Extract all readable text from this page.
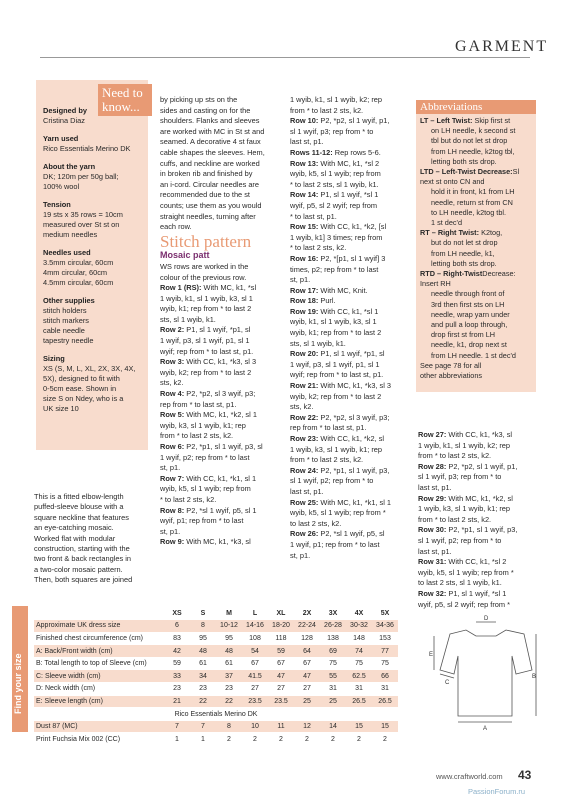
GARMENT
Need to know...
Designed by
Cristina Diaz
Yarn used
Rico Essentials Merino DK
About the yarn
DK; 120m per 50g ball;
100% wool
Tension
19 sts x 35 rows = 10cm
measured over St st on
medium needles
Needles used
3.5mm circular, 60cm
4mm circular, 60cm
4.5mm circular, 60cm
Other supplies
stitch holders
stitch markers
cable needle
tapestry needle
Sizing
XS (S, M, L, XL, 2X, 3X, 4X,
5X), designed to fit with
0-5cm ease. Shown in
size S on Ndey, who is a
UK size 10
This is a fitted elbow-length
puffed-sleeve blouse with a
square neckline that features
an eye-catching mosaic.
Worked flat with modular
construction, starting with the
two front & back rectangles in
a two-color mosaic pattern.
Then, both squares are joined
by picking up sts on the
sides and casting on for the
shoulders. Flanks and sleeves
are worked with MC in St st and
seamed. A decorative 4 st faux
cable shapes the sleeves. Hem,
cuffs, and neckline are worked
in broken rib and finished by
an i-cord. Circular needles are
recommended due to the st
counts; use them as you would
straight needles, turning after
each row.
Stitch pattern
Mosaic patt
WS rows are worked in the
colour of the previous row.
Row 1 (RS): With MC, k1, *sl
1 wyib, k1, sl 1 wyib, k3, sl 1
wyib, k1; rep from * to last 2
sts, sl 1 wyib, k1.
Row 2: P1, sl 1 wyif, *p1, sl
1 wyif, p3, sl 1 wyif, p1, sl 1
wyif; rep from * to last st, p1.
Row 3: With CC, k1, *k3, sl 3
wyib, k2; rep from * to last 2
sts, k2.
Row 4: P2, *p2, sl 3 wyif, p3;
rep from * to last st, p1.
Row 5: With MC, k1, *k2, sl 1
wyib, k3, sl 1 wyib, k1; rep
from * to last 2 sts, k2.
Row 6: P2, *p1, sl 1 wyif, p3, sl
1 wyif, p2; rep from * to last
st, p1.
Row 7: With CC, k1, *k1, sl 1
wyib, k5, sl 1 wyib; rep from
* to last 2 sts, k2.
Row 8: P2, *sl 1 wyif, p5, sl 1
wyif, p1; rep from * to last
st, p1.
Row 9: With MC, k1, *k3, sl
1 wyib, k1, sl 1 wyib, k2; rep
from * to last 2 sts, k2.
Row 10: P2, *p2, sl 1 wyif, p1,
sl 1 wyif, p3; rep from * to
last st, p1.
Rows 11-12: Rep rows 5-6.
Row 13: With MC, k1, *sl 2
wyib, k5, sl 1 wyib; rep from
* to last 2 sts, sl 1 wyib, k1.
Row 14: P1, sl 1 wyif, *sl 1
wyif, p5, sl 2 wyif; rep from
* to last st, p1.
Row 15: With CC, k1, *k2, [sl
1 wyib, k1] 3 times; rep from
* to last 2 sts, k2.
Row 16: P2, *[p1, sl 1 wyif] 3
times, p2; rep from * to last
st, p1.
Row 17: With MC, Knit.
Row 18: Purl.
Row 19: With CC, k1, *sl 1
wyib, k1, sl 1 wyib, k3, sl 1
wyib, k1; rep from * to last 2
sts, sl 1 wyib, k1.
Row 20: P1, sl 1 wyif, *p1, sl
1 wyif, p3, sl 1 wyif, p1, sl 1
wyif; rep from * to last st, p1.
Row 21: With MC, k1, *k3, sl 3
wyib, k2; rep from * to last 2
sts, k2.
Row 22: P2, *p2, sl 3 wyif, p3;
rep from * to last st, p1.
Row 23: With CC, k1, *k2, sl
1 wyib, k3, sl 1 wyib, k1; rep
from * to last 2 sts, k2.
Row 24: P2, *p1, sl 1 wyif, p3,
sl 1 wyif, p2; rep from * to
last st, p1.
Row 25: With MC, k1, *k1, sl 1
wyib, k5, sl 1 wyib; rep from *
to last 2 sts, k2.
Row 26: P2, *sl 1 wyif, p5, sl
1 wyif, p1; rep from * to last
st, p1.
Abbreviations
LT – Left Twist: Skip first st
on LH needle, k second st
tbl but do not let st drop
from LH needle, k2tog tbl,
letting both sts drop.
LTD – Left-Twist Decrease:Sl next st onto CN and
hold it in front, k1 from LH
needle, return st from CN
to LH needle, k2tog tbl.
1 st dec'd
RT – Right Twist: K2tog,
but do not let st drop
from LH needle, k1,
letting both sts drop.
RTD – Right-TwistDecrease: Insert RH
needle through front of
3rd then first sts on LH
needle, wrap yarn under
and pull a loop through,
drop first st from LH
needle, k1, drop next st
from LH needle. 1 st dec'd
See page 78 for all
other abbreviations
Row 27: With CC, k1, *k3, sl
1 wyib, k1, sl 1 wyib, k2; rep
from * to last 2 sts, k2.
Row 28: P2, *p2, sl 1 wyif, p1,
sl 1 wyif, p3; rep from * to
last st, p1.
Row 29: With MC, k1, *k2, sl
1 wyib, k3, sl 1 wyib, k1; rep
from * to last 2 sts, k2.
Row 30: P2, *p1, sl 1 wyif, p3,
sl 1 wyif, p2; rep from * to
last st, p1.
Row 31: With CC, k1, *sl 2
wyib, k5, sl 1 wyib; rep from *
to last 2 sts, sl 1 wyib, k1.
Row 32: P1, sl 1 wyif, *sl 1
wyif, p5, sl 2 wyif; rep from *
Find your size
	XS	S	M	L	XL	2X	3X	4X	5X
Approximate UK dress size	6	8	10-12	14-16	18-20	22-24	26-28	30-32	34-36
Finished chest circumference (cm)	83	95	95	108	118	128	138	148	153
A: Back/Front width (cm)	42	48	48	54	59	64	69	74	77
B: Total length to top of Sleeve (cm)	59	61	61	67	67	67	75	75	75
C: Sleeve width (cm)	33	34	37	41.5	47	47	55	62.5	66
D: Neck width (cm)	23	23	23	27	27	27	31	31	31
E: Sleeve length (cm)	21	22	22	23.5	23.5	25	25	26.5	26.5
Rico Essentials Merino DK									
Dust 87 (MC)	7	7	8	10	11	12	14	15	15
Print Fuchsia Mix 002 (CC)	1	1	2	2	2	2	2	2	2
D
B
E
C
A
www.craftworld.com 43
PassionForum.ru
